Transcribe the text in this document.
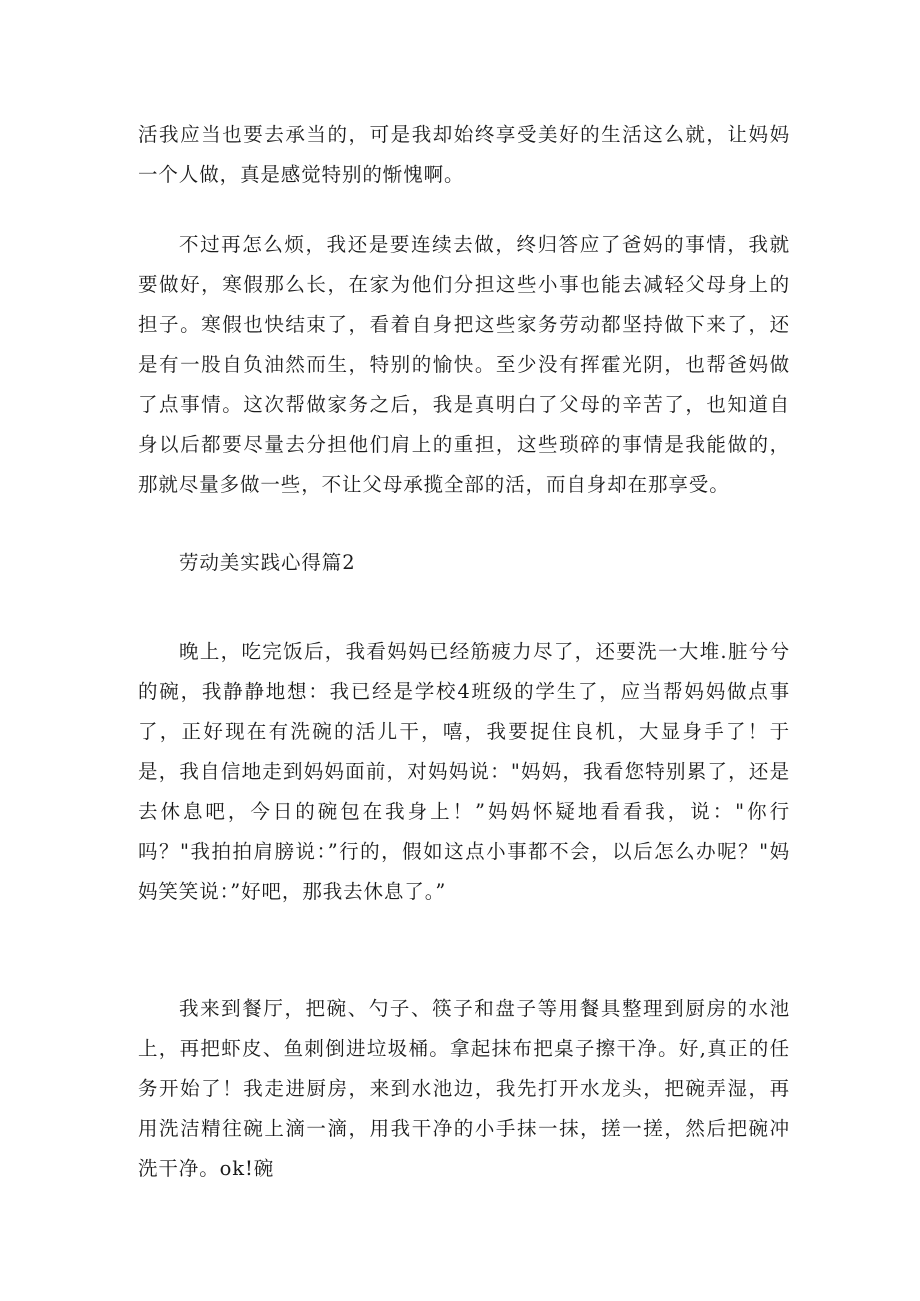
活我应当也要去承当的，可是我却始终享受美好的生活这么就，让妈妈一个人做，真是感觉特别的惭愧啊。

不过再怎么烦，我还是要连续去做，终归答应了爸妈的事情，我就要做好，寒假那么长，在家为他们分担这些小事也能去减轻父母身上的担子。寒假也快结束了，看着自身把这些家务劳动都坚持做下来了，还是有一股自负油然而生，特别的愉快。至少没有挥霍光阴，也帮爸妈做了点事情。这次帮做家务之后，我是真明白了父母的辛苦了，也知道自身以后都要尽量去分担他们肩上的重担，这些琐碎的事情是我能做的，那就尽量多做一些，不让父母承揽全部的活，而自身却在那享受。

劳动美实践心得篇2

晚上，吃完饭后，我看妈妈已经筋疲力尽了，还要洗一大堆.脏兮兮的碗，我静静地想：我已经是学校4班级的学生了，应当帮妈妈做点事了，正好现在有洗碗的活儿干，嘻，我要捉住良机，大显身手了！于是，我自信地走到妈妈面前，对妈妈说："妈妈，我看您特别累了，还是去休息吧，今日的碗包在我身上！”妈妈怀疑地看看我，说："你行吗？"我拍拍肩膀说：”行的，假如这点小事都不会，以后怎么办呢？"妈妈笑笑说：”好吧，那我去休息了。”

我来到餐厅，把碗、勺子、筷子和盘子等用餐具整理到厨房的水池上，再把虾皮、鱼刺倒进垃圾桶。拿起抹布把桌子擦干净。好,真正的任务开始了！我走进厨房，来到水池边，我先打开水龙头，把碗弄湿，再用洗洁精往碗上滴一滴，用我干净的小手抹一抹，搓一搓，然后把碗冲洗干净。ok!碗
